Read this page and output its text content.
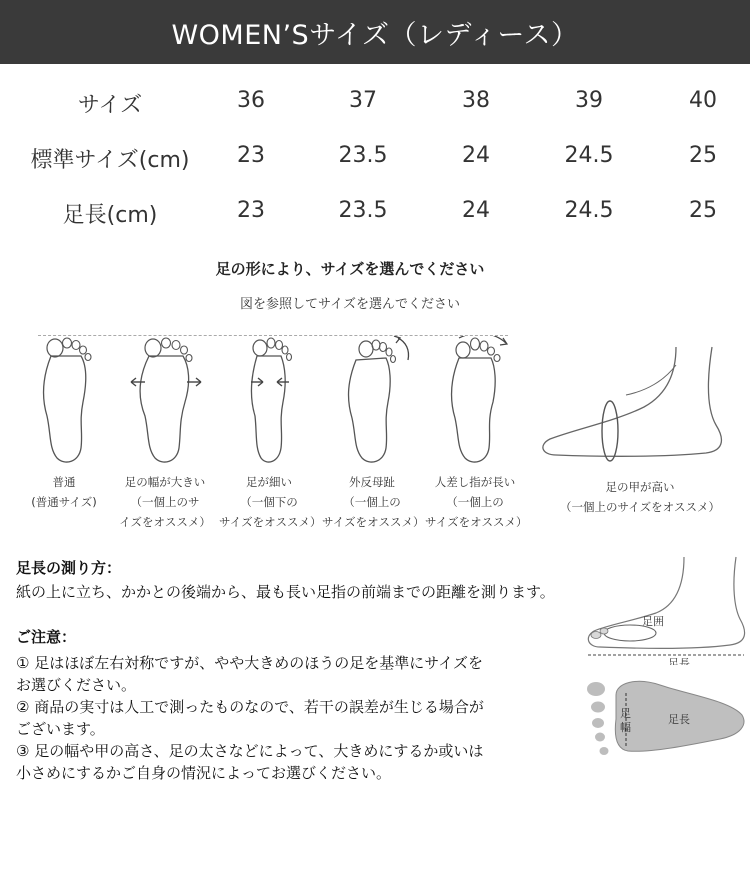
WOMEN’Sサイズ（レディース）
サイズ	36	37	38	39	40
標準サイズ(cm)	23	23.5	24	24.5	25
足長(cm)	23	23.5	24	24.5	25
足の形により、サイズを選んでください
図を参照してサイズを選んでください
普通
(普通サイズ)
足の幅が大きい
（一個上のサ
イズをオススメ）
足が細い
（一個下の
サイズをオススメ）
外反母趾
（一個上の
サイズをオススメ）
人差し指が長い
（一個上の
サイズをオススメ）
足の甲が高い
（一個上のサイズをオススメ）
足長の測り方：
紙の上に立ち、かかとの後端から、最も長い足指の前端までの距離を測ります。
ご注意：
① 足はほぼ左右対称ですが、やや大きめのほうの足を基準にサイズを
お選びください。
② 商品の実寸は人工で測ったものなので、若干の誤差が生じる場合が
ございます。
③ 足の幅や甲の高さ、足の太さなどによって、大きめにするか或いは
小さめにするかご自身の情況によってお選びください。
足囲
足長
足
幅
足長
